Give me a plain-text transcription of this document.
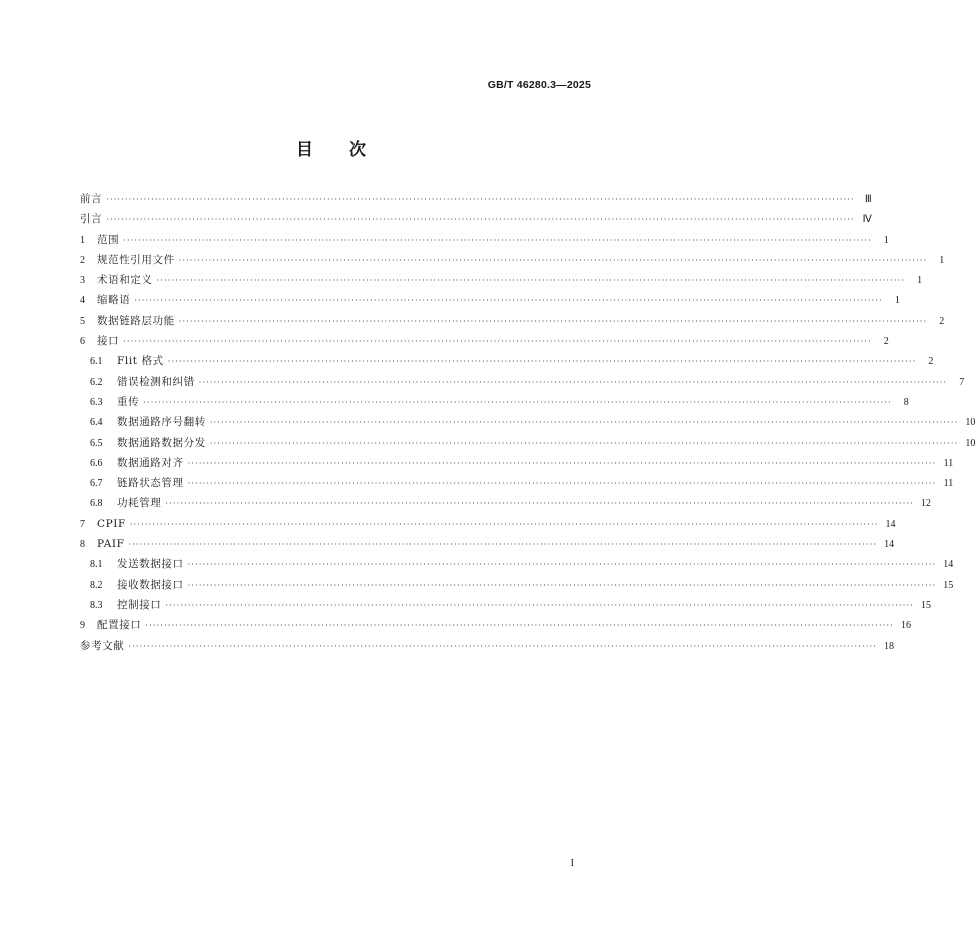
GB/T 46280.3—2025
目次
前言 ········································································································································································································	Ⅲ
引言 ········································································································································································································ Ⅳ
1	范围 ········································································································································································································	1
2	规范性引用文件 ········································································································································································································	1
3	术语和定义 ········································································································································································································	1
4	缩略语 ········································································································································································································	1
5	数据链路层功能 ········································································································································································································	2
6	接口 ········································································································································································································	2
6.1	Flit 格式 ········································································································································································································	2
6.2	错误检测和纠错 ········································································································································································································	7
6.3	重传 ········································································································································································································	8
6.4	数据通路序号翻转 ········································································································································································································ 10
6.5	数据通路数据分发 ········································································································································································································ 10
6.6	数据通路对齐 ········································································································································································································ 11
6.7	链路状态管理 ········································································································································································································ 11
6.8	功耗管理 ········································································································································································································ 12
7	CPIF ········································································································································································································ 14
8	PAIF ········································································································································································································ 14
8.1	发送数据接口 ········································································································································································································ 14
8.2	接收数据接口 ········································································································································································································ 15
8.3	控制接口 ········································································································································································································ 15
9	配置接口 ········································································································································································································ 16
参考文献 ········································································································································································································ 18
I
